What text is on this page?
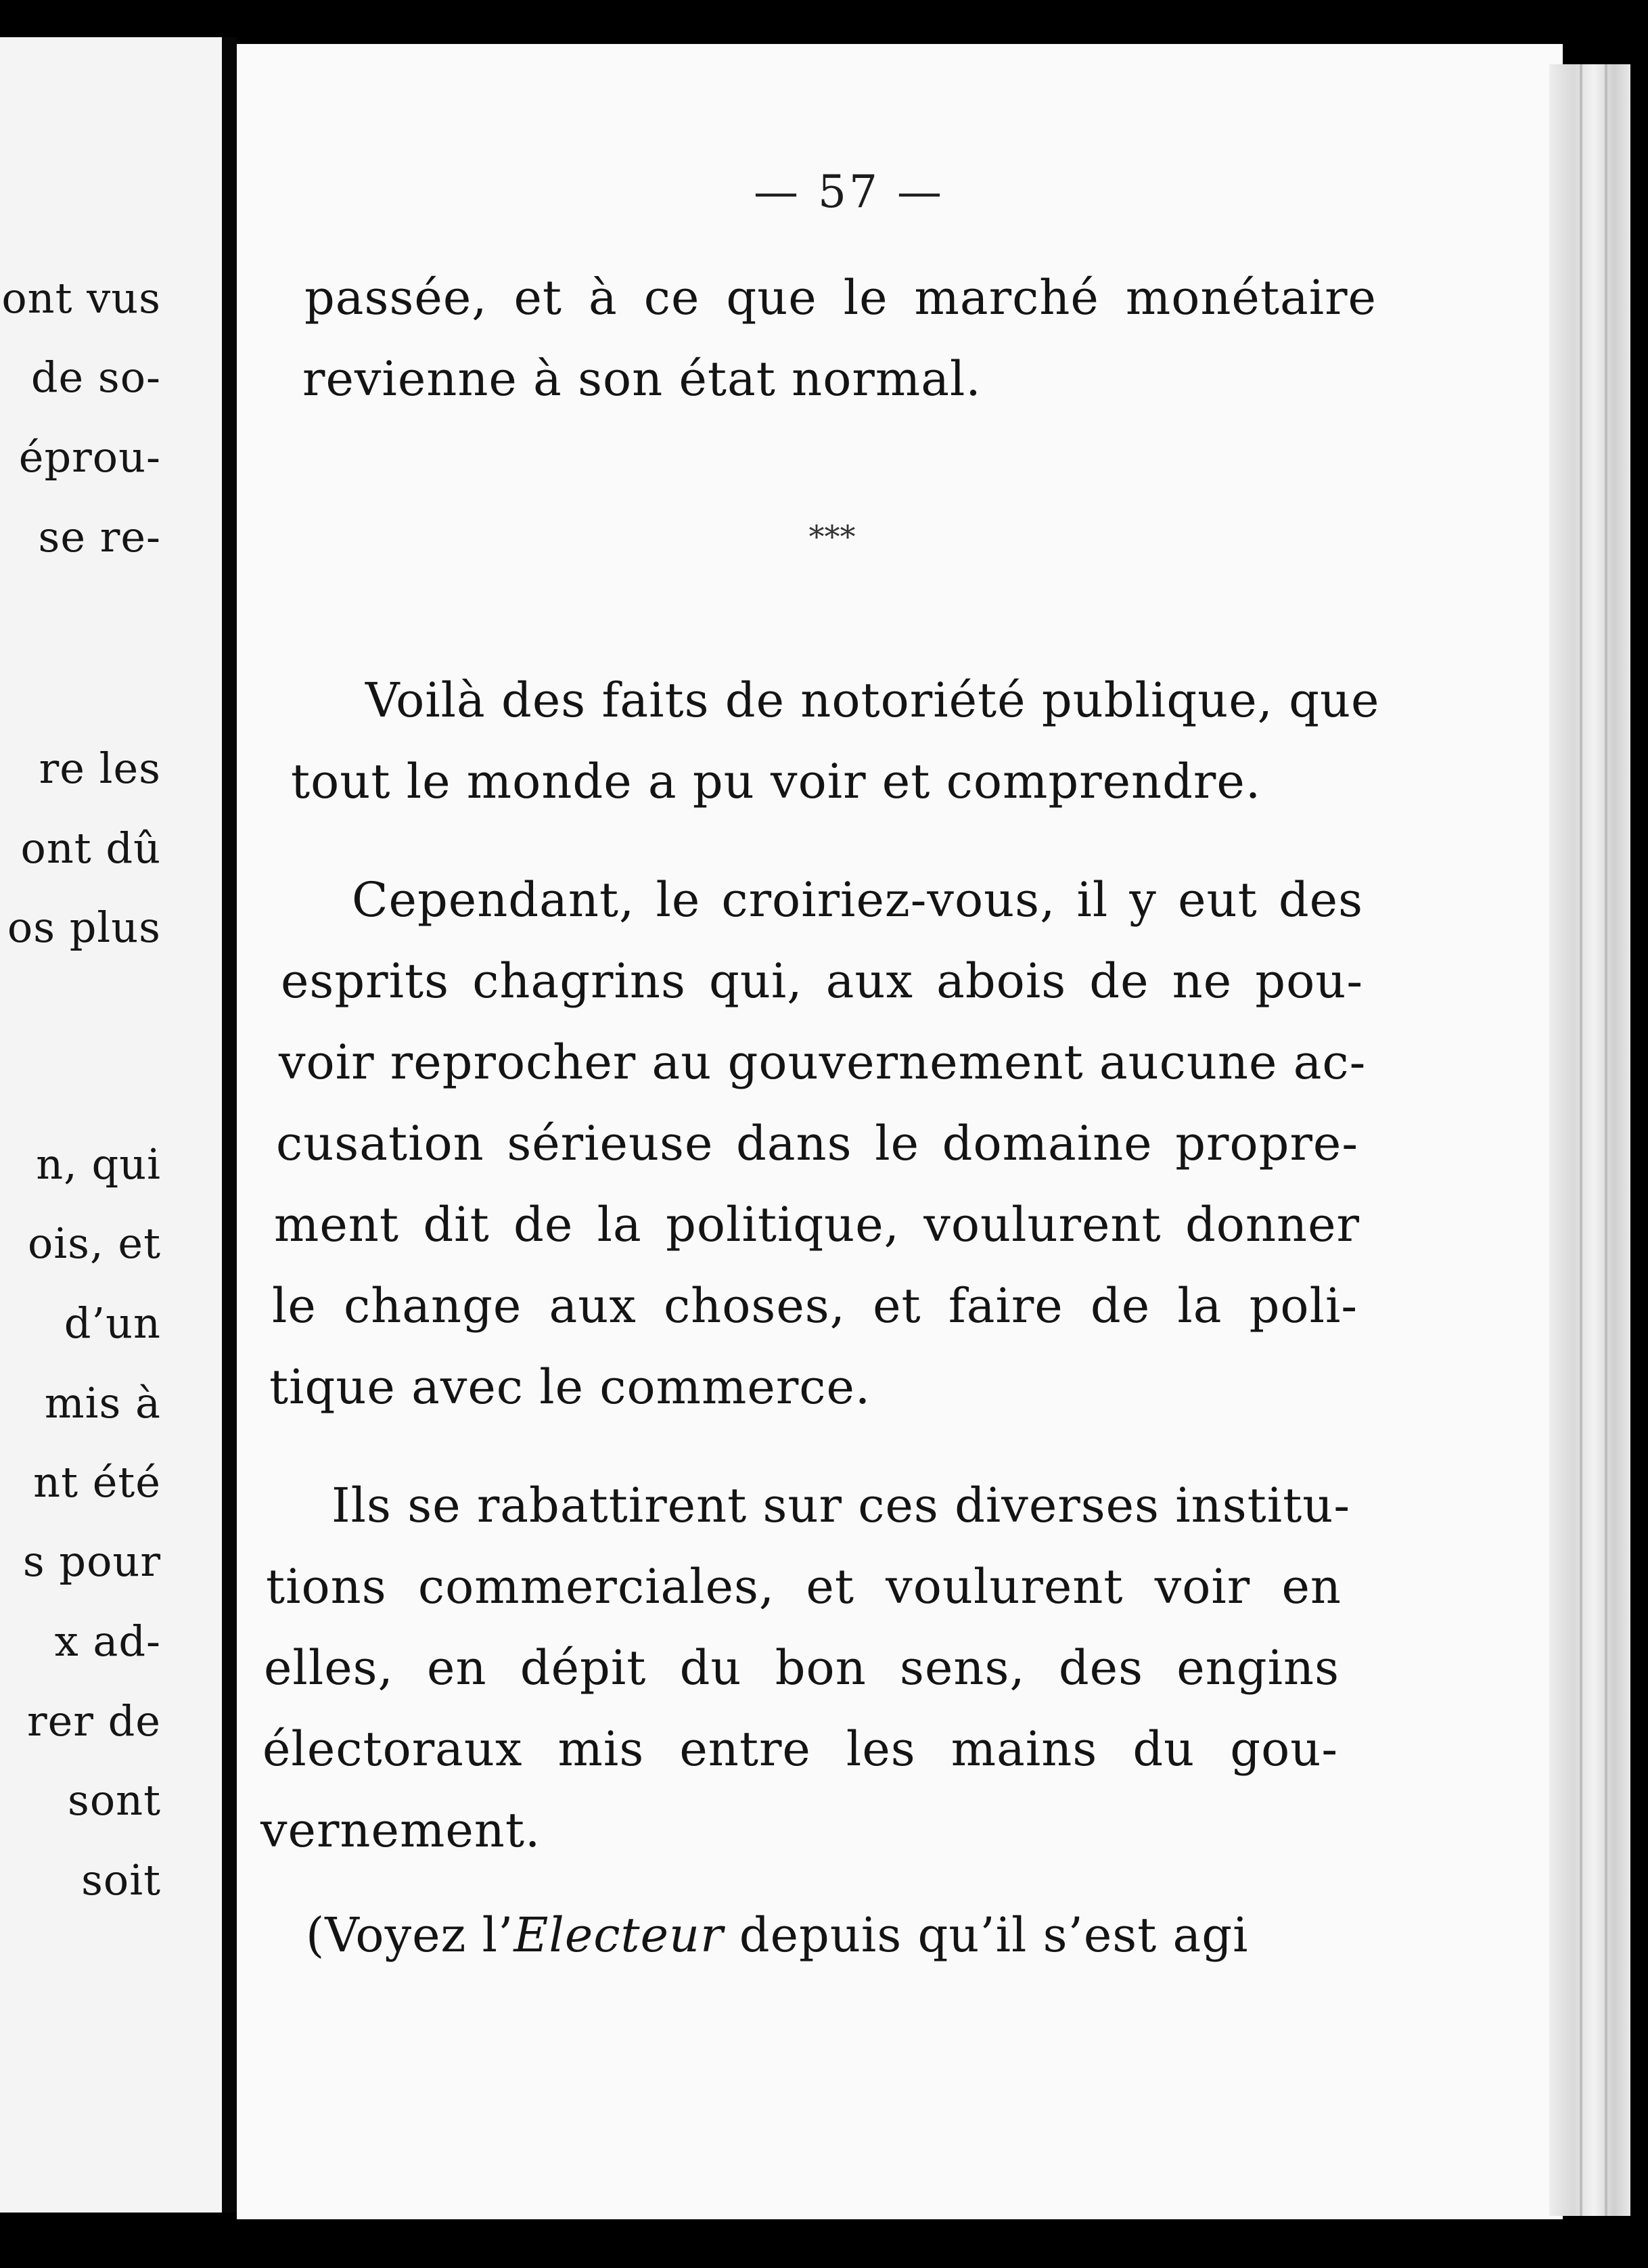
ont vus
de so-
éprou-
se re-
re les
ont dû
os plus
n, qui
ois, et
d’un
mis à
nt été
s pour
x ad-
rer de
sont
soit
— 57 —
passée, et à ce que le marché monétaire
revienne à son état normal.
***
Voilà des faits de notoriété publique, que
tout le monde a pu voir et comprendre.
Cependant, le croiriez-vous, il y eut des
esprits chagrins qui, aux abois de ne pou-
voir reprocher au gouvernement aucune ac-
cusation sérieuse dans le domaine propre-
ment dit de la politique, voulurent donner
le change aux choses, et faire de la poli-
tique avec le commerce.
Ils se rabattirent sur ces diverses institu-
tions commerciales, et voulurent voir en
elles, en dépit du bon sens, des engins
électoraux mis entre les mains du gou-
vernement.
(Voyez l’Electeur depuis qu’il s’est agi
